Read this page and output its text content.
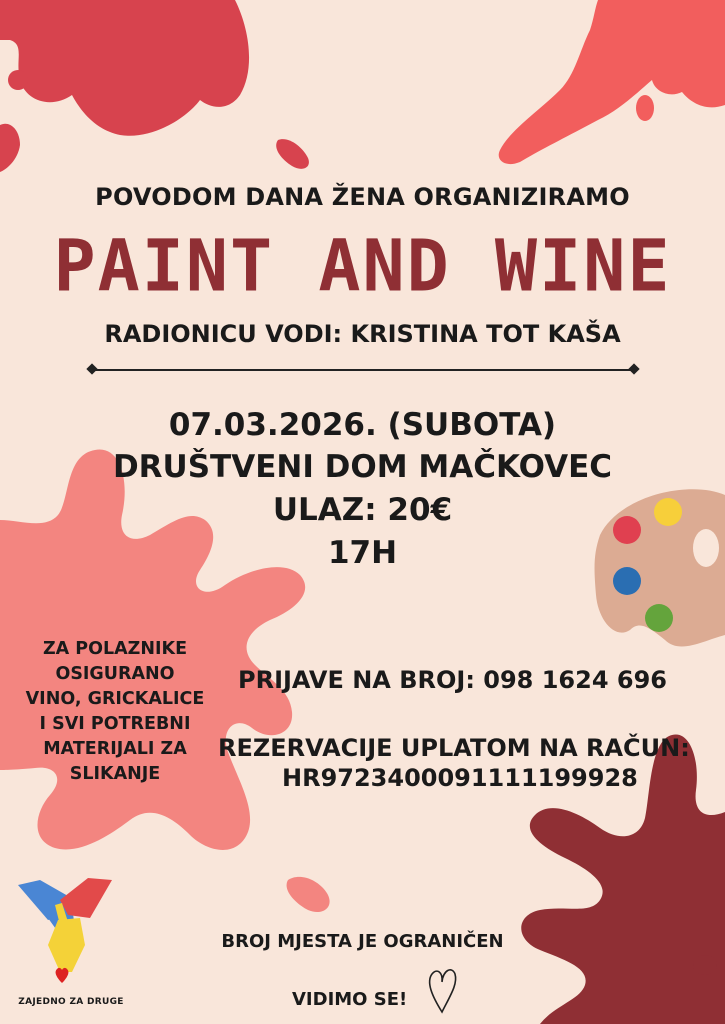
POVODOM DANA ŽENA ORGANIZIRAMO
PAINT AND WINE
RADIONICU VODI: KRISTINA TOT KAŠA
07.03.2026. (SUBOTA)
DRUŠTVENI DOM MAČKOVEC
ULAZ: 20€
17H
ZA POLAZNIKE
OSIGURANO
VINO, GRICKALICE
I SVI POTREBNI
MATERIJALI ZA
SLIKANJE
PRIJAVE NA BROJ: 098 1624 696
REZERVACIJE UPLATOM NA RAČUN:
HR9723400091111199928
BROJ MJESTA JE OGRANIČEN
VIDIMO SE!
ZAJEDNO ZA DRUGE
